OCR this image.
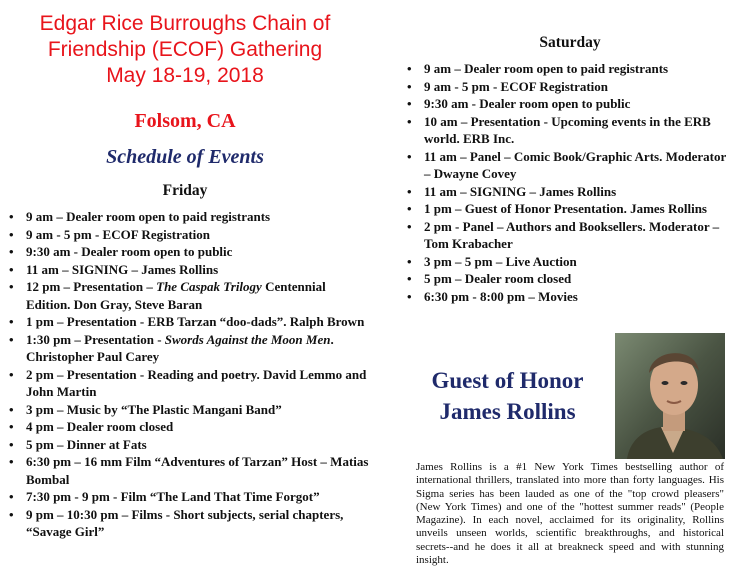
Edgar Rice Burroughs Chain of
Friendship (ECOF) Gathering
May 18-19, 2018
Folsom, CA
Schedule of Events
Friday
• 9 am – Dealer room open to paid registrants
• 9 am - 5 pm - ECOF Registration
• 9:30 am - Dealer room open to public
• 11 am – SIGNING – James Rollins
• 12 pm – Presentation – The Caspak Trilogy Centennial Edition. Don Gray, Steve Baran
• 1 pm – Presentation - ERB Tarzan “doo-dads”. Ralph Brown
• 1:30 pm – Presentation - Swords Against the Moon Men. Christopher Paul Carey
• 2 pm – Presentation - Reading and poetry. David Lemmo and John Martin
• 3 pm – Music by “The Plastic Mangani Band”
• 4 pm – Dealer room closed
• 5 pm – Dinner at Fats
• 6:30 pm – 16 mm Film “Adventures of Tarzan” Host – Matias Bombal
• 7:30 pm - 9 pm - Film “The Land That Time Forgot”
• 9 pm – 10:30 pm – Films - Short subjects, serial chapters, “Savage Girl”
Saturday
• 9 am – Dealer room open to paid registrants
• 9 am - 5 pm - ECOF Registration
• 9:30 am - Dealer room open to public
• 10 am – Presentation - Upcoming events in the ERB world. ERB Inc.
• 11 am – Panel – Comic Book/Graphic Arts. Moderator – Dwayne Covey
• 11 am – SIGNING – James Rollins
• 1 pm – Guest of Honor Presentation. James Rollins
• 2 pm - Panel – Authors and Booksellers. Moderator – Tom Krabacher
• 3 pm – 5 pm – Live Auction
• 5 pm – Dealer room closed
• 6:30 pm - 8:00 pm – Movies
Guest of Honor
James Rollins
James Rollins is a #1 New York Times bestselling author of international thrillers, translated into more than forty languages. His Sigma series has been lauded as one of the "top crowd pleasers" (New York Times) and one of the "hottest summer reads" (People Magazine). In each novel, acclaimed for its originality, Rollins unveils unseen worlds, scientific breakthroughs, and historical secrets--and he does it all at breakneck speed and with stunning insight.
